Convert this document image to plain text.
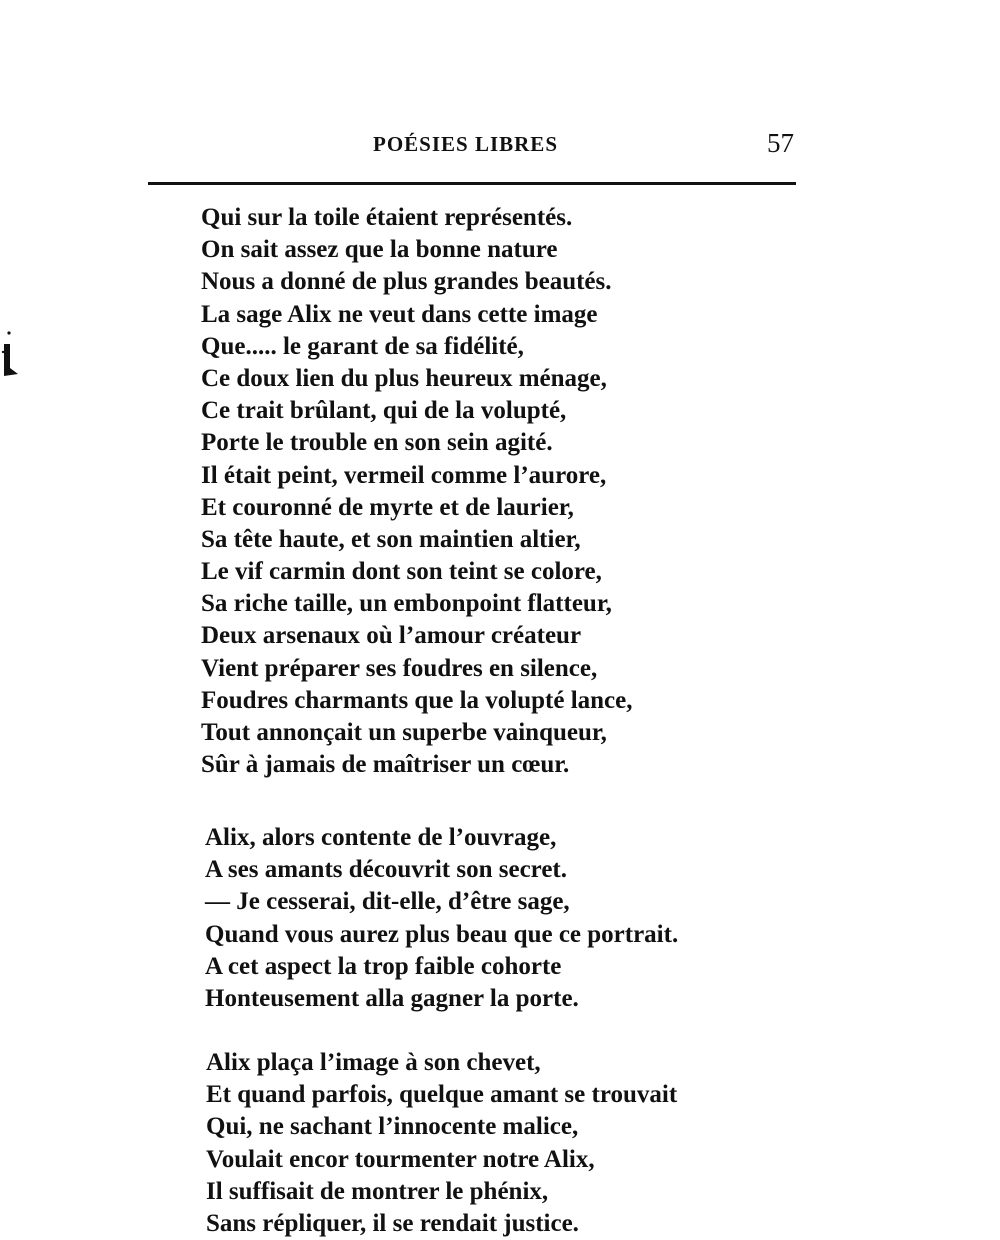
POÉSIES LIBRES	57
Qui sur la toile étaient représentés.
On sait assez que la bonne nature
Nous a donné de plus grandes beautés.
La sage Alix ne veut dans cette image
Que..... le garant de sa fidélité,
Ce doux lien du plus heureux ménage,
Ce trait brûlant, qui de la volupté,
Porte le trouble en son sein agité.
Il était peint, vermeil comme l’aurore,
Et couronné de myrte et de laurier,
Sa tête haute, et son maintien altier,
Le vif carmin dont son teint se colore,
Sa riche taille, un embonpoint flatteur,
Deux arsenaux où l’amour créateur
Vient préparer ses foudres en silence,
Foudres charmants que la volupté lance,
Tout annonçait un superbe vainqueur,
Sûr à jamais de maîtriser un cœur.
Alix, alors contente de l’ouvrage,
A ses amants découvrit son secret.
— Je cesserai, dit-elle, d’être sage,
Quand vous aurez plus beau que ce portrait.
A cet aspect la trop faible cohorte
Honteusement alla gagner la porte.
Alix plaça l’image à son chevet,
Et quand parfois, quelque amant se trouvait
Qui, ne sachant l’innocente malice,
Voulait encor tourmenter notre Alix,
Il suffisait de montrer le phénix,
Sans répliquer, il se rendait justice.
